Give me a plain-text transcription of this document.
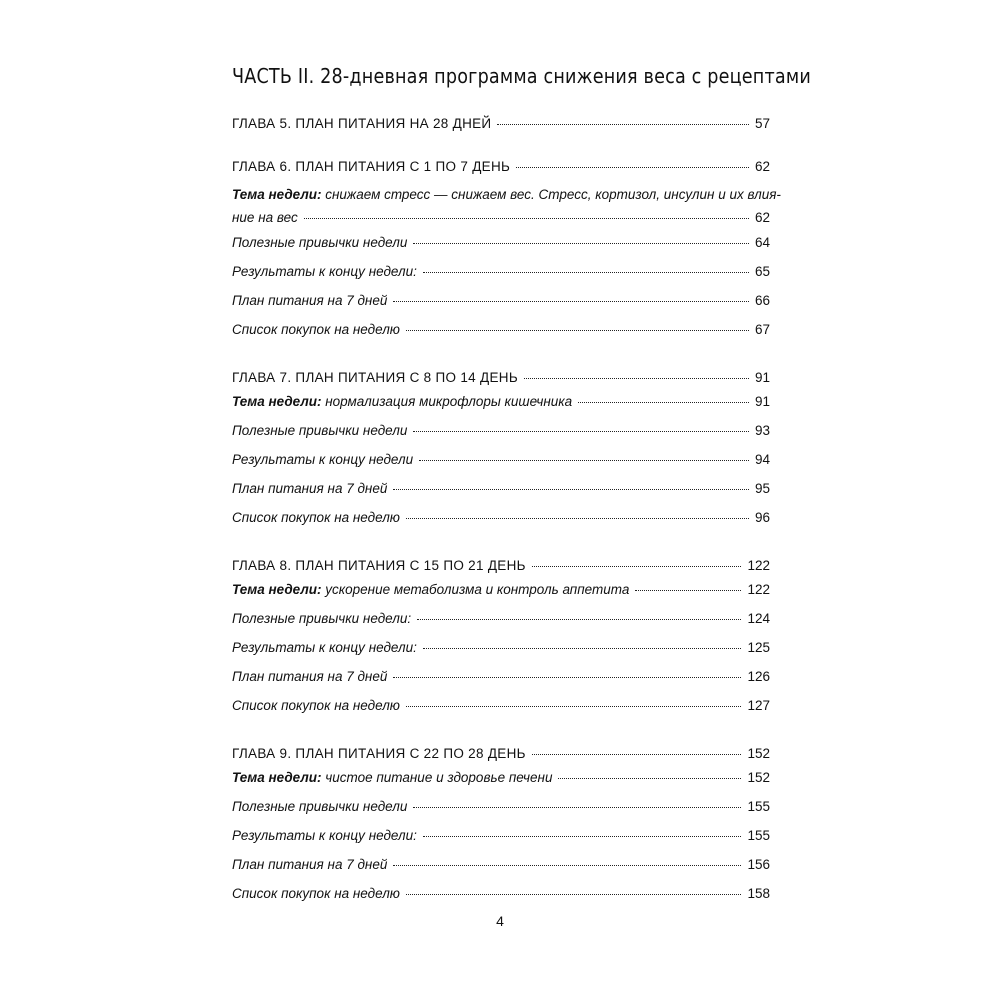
ЧАСТЬ II. 28-дневная программа снижения веса с рецептами
ГЛАВА 5. ПЛАН ПИТАНИЯ НА 28 ДНЕЙ	57
ГЛАВА 6. ПЛАН ПИТАНИЯ С 1 ПО 7 ДЕНЬ	62
Тема недели: снижаем стресс — снижаем вес. Стресс, кортизол, инсулин и их влия-
ние на вес	62
Полезные привычки недели	64
Результаты к концу недели:	65
План питания на 7 дней	66
Список покупок на неделю	67
ГЛАВА 7. ПЛАН ПИТАНИЯ С 8 ПО 14 ДЕНЬ	91
Тема недели: нормализация микрофлоры кишечника	91
Полезные привычки недели	93
Результаты к концу недели	94
План питания на 7 дней	95
Список покупок на неделю	96
ГЛАВА 8. ПЛАН ПИТАНИЯ С 15 ПО 21 ДЕНЬ	122
Тема недели: ускорение метаболизма и контроль аппетита	122
Полезные привычки недели:	124
Результаты к концу недели:	125
План питания на 7 дней	126
Список покупок на неделю	127
ГЛАВА 9. ПЛАН ПИТАНИЯ С 22 ПО 28 ДЕНЬ	152
Тема недели: чистое питание и здоровье печени	152
Полезные привычки недели	155
Результаты к концу недели:	155
План питания на 7 дней	156
Список покупок на неделю	158
4
